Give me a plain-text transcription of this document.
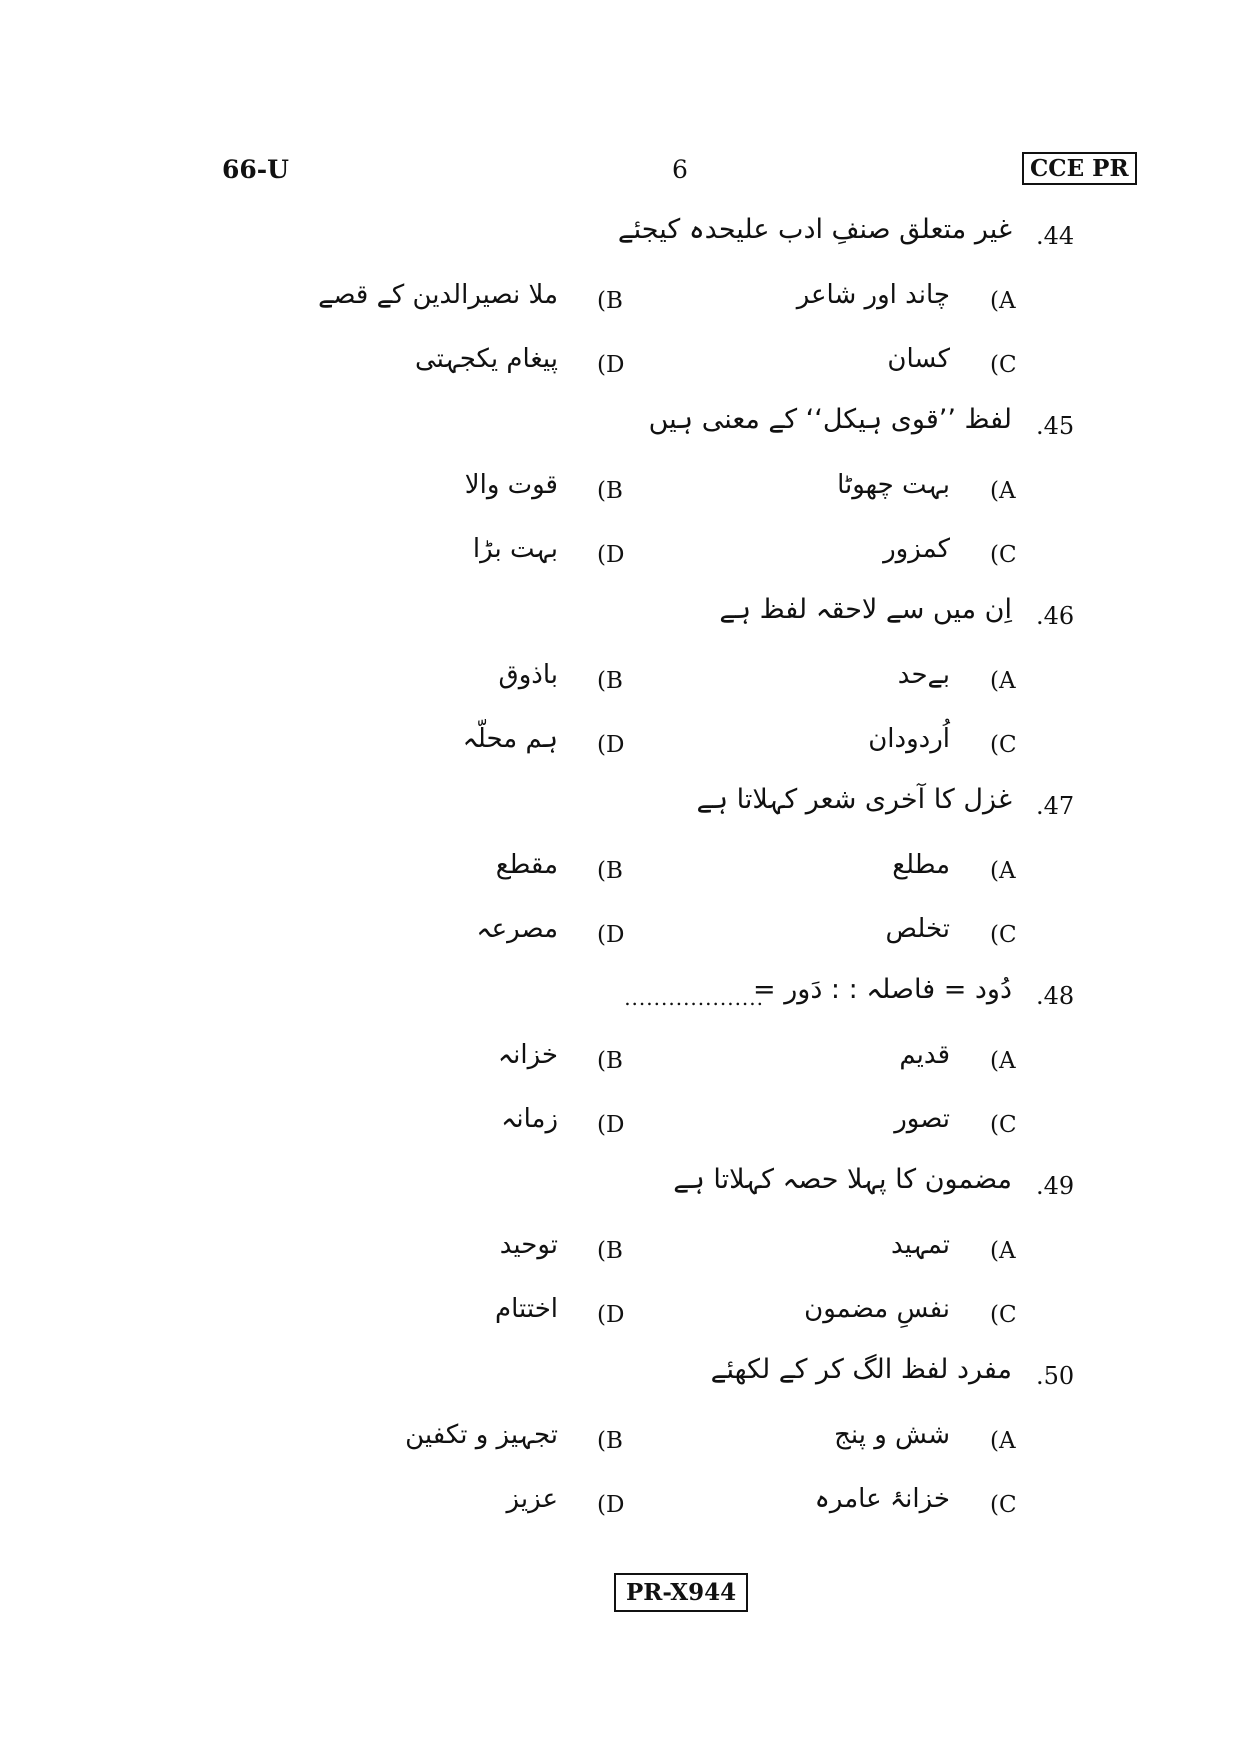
66-U	6	CCE PR
.44
غیر متعلق صنفِ ادب علیحدہ کیجئے
A)
چاند اور شاعر
B)
ملا نصیرالدین کے قصے
C)
کسان
D)
پیغام یکجہتی
.45
لفظ ’’قوی ہیکل‘‘ کے معنی ہیں
A)
بہت چھوٹا
B)
قوت والا
C)
کمزور
D)
بہت بڑا
.46
اِن میں سے لاحقہ لفظ ہے
A)
بےحد
B)
باذوق
C)
اُردودان
D)
ہم محلّہ
.47
غزل کا آخری شعر کہلاتا ہے
A)
مطلع
B)
مقطع
C)
تخلص
D)
مصرعہ
.48
دُود = فاصلہ : : دَور =
...................
A)
قدیم
B)
خزانہ
C)
تصور
D)
زمانہ
.49
مضمون کا پہلا حصہ کہلاتا ہے
A)
تمہید
B)
توحید
C)
نفسِ مضمون
D)
اختتام
.50
مفرد لفظ الگ کر کے لکھئے
A)
شش و پنج
B)
تجہیز و تکفین
C)
خزانۂ عامرہ
D)
عزیز
PR-X944
